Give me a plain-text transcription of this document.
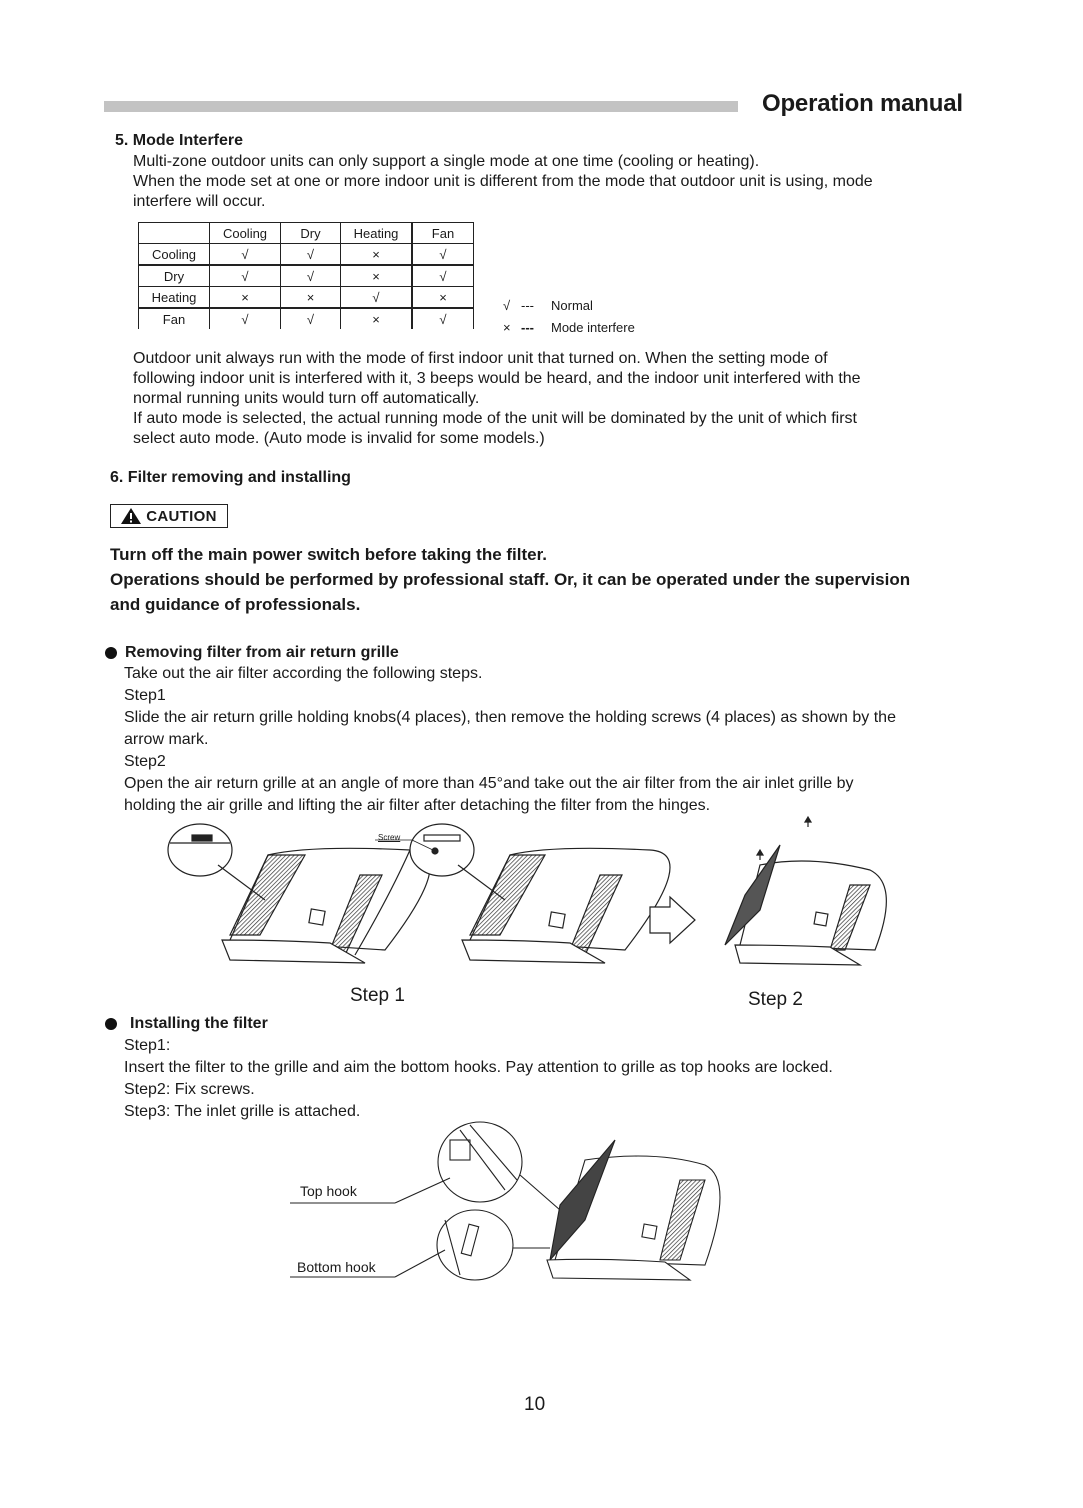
Operation manual
5. Mode Interfere
Multi-zone outdoor units can only support a single mode at one time (cooling or heating).
When the mode set at one or more indoor unit is different from the mode that outdoor unit is using, mode
interfere will occur.
	Cooling	Dry	Heating	Fan
Cooling	√	√	×	√
Dry	√	√	×	√
Heating	×	×	√	×
Fan	√	√	×	√
√ --- Normal
× --- Mode interfere
Outdoor unit always run with the mode of first indoor unit that turned on. When the setting mode of
following indoor unit is interfered with it, 3 beeps would be heard, and the indoor unit interfered with the
normal running units would turn off automatically.
If auto mode is selected, the actual running mode of the unit will be dominated by the unit of which first
select auto mode. (Auto mode is invalid for some models.)
6. Filter removing and installing
CAUTION
Turn off the main power switch before taking the filter.
Operations should be performed by professional staff. Or, it can be operated under the supervision
and guidance of professionals.
Removing filter from air return grille
Take out the air filter according the following steps.
Step1
Slide the air return grille holding knobs(4 places), then remove the holding screws (4 places) as shown by the
arrow mark.
Step2
Open the air return grille at an angle of more than 45°and take out the air filter from the air inlet grille by
holding the air grille and lifting the air filter after detaching the filter from the hinges.
Screw
Step 1	Step 2
Installing the filter
Step1:
Insert the filter to the grille and aim the bottom hooks. Pay attention to grille as top hooks are locked.
Step2: Fix screws.
Step3: The inlet grille is attached.
Top hook
Bottom hook
10
